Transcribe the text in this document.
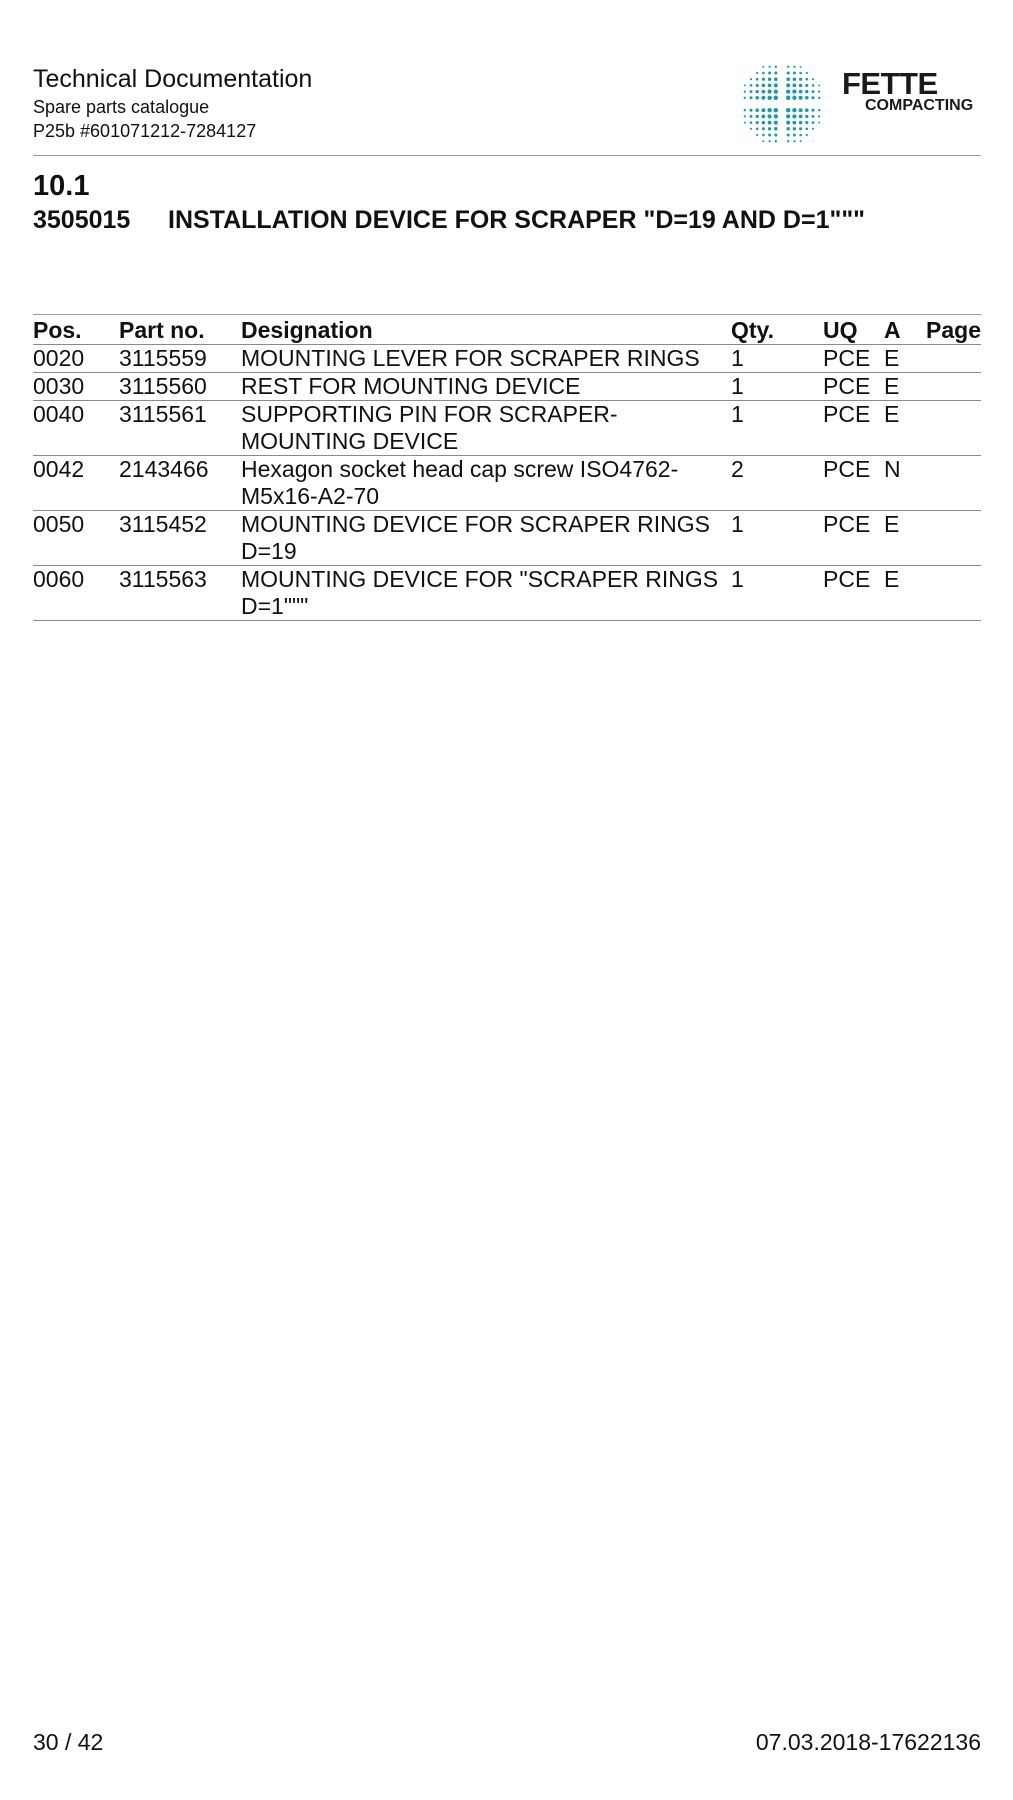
Technical Documentation
Spare parts catalogue
P25b #601071212-7284127
FETTE
COMPACTING
10.1
3505015 INSTALLATION DEVICE FOR SCRAPER "D=19 AND D=1"""
Pos.	Part no.	Designation	Qty.	UQ	A	Page
0020	3115559	MOUNTING LEVER FOR SCRAPER RINGS	1	PCE	E	
0030	3115560	REST FOR MOUNTING DEVICE	1	PCE	E	
0040	3115561	SUPPORTING PIN FOR SCRAPER-MOUNTING DEVICE	1	PCE	E	
0042	2143466	Hexagon socket head cap screw ISO4762-M5x16-A2-70	2	PCE	N	
0050	3115452	MOUNTING DEVICE FOR SCRAPER RINGS D=19	1	PCE	E	
0060	3115563	MOUNTING DEVICE FOR "SCRAPER RINGS D=1"""	1	PCE	E	
30 / 42	07.03.2018-17622136
